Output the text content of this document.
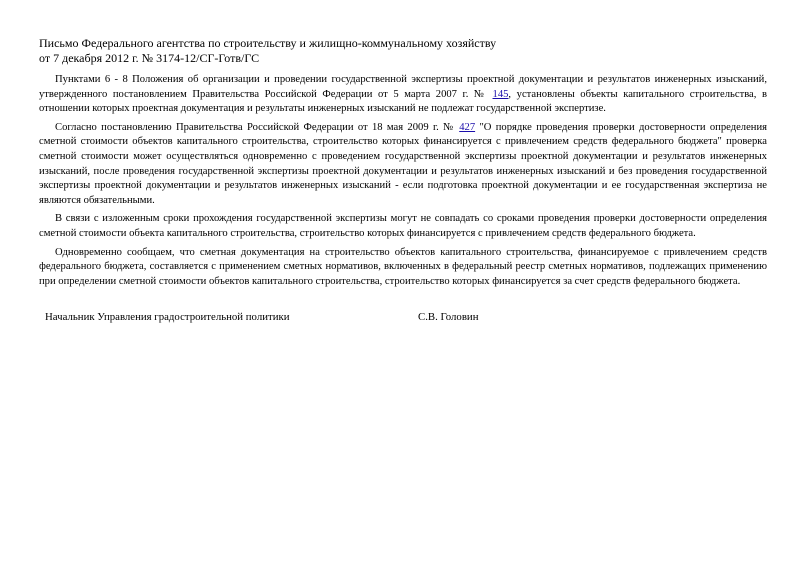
Письмо Федерального агентства по строительству и жилищно-коммунальному хозяйству
от 7 декабря 2012 г. № 3174-12/СГ-Готв/ГС

Пунктами 6 - 8 Положения об организации и проведении государственной экспертизы проектной документации и результатов инженерных изысканий, утвержденного постановлением Правительства Российской Федерации от 5 марта 2007 г. № 145, установлены объекты капитального строительства, в отношении которых проектная документация и результаты инженерных изысканий не подлежат государственной экспертизе.

Согласно постановлению Правительства Российской Федерации от 18 мая 2009 г. № 427 "О порядке проведения проверки достоверности определения сметной стоимости объектов капитального строительства, строительство которых финансируется с привлечением средств федерального бюджета" проверка сметной стоимости может осуществляться одновременно с проведением государственной экспертизы проектной документации и результатов инженерных изысканий, после проведения государственной экспертизы проектной документации и результатов инженерных изысканий и без проведения государственной экспертизы проектной документации и результатов инженерных изысканий - если подготовка проектной документации и ее государственная экспертиза не являются обязательными.

В связи с изложенным сроки прохождения государственной экспертизы могут не совпадать со сроками проведения проверки достоверности определения сметной стоимости объекта капитального строительства, строительство которых финансируется с привлечением средств федерального бюджета.

Одновременно сообщаем, что сметная документация на строительство объектов капитального строительства, финансируемое с привлечением средств федерального бюджета, составляется с применением сметных нормативов, включенных в федеральный реестр сметных нормативов, подлежащих применению при определении сметной стоимости объектов капитального строительства, строительство которых финансируется за счет средств федерального бюджета.

Начальник Управления градостроительной политики	С.В. Головин
